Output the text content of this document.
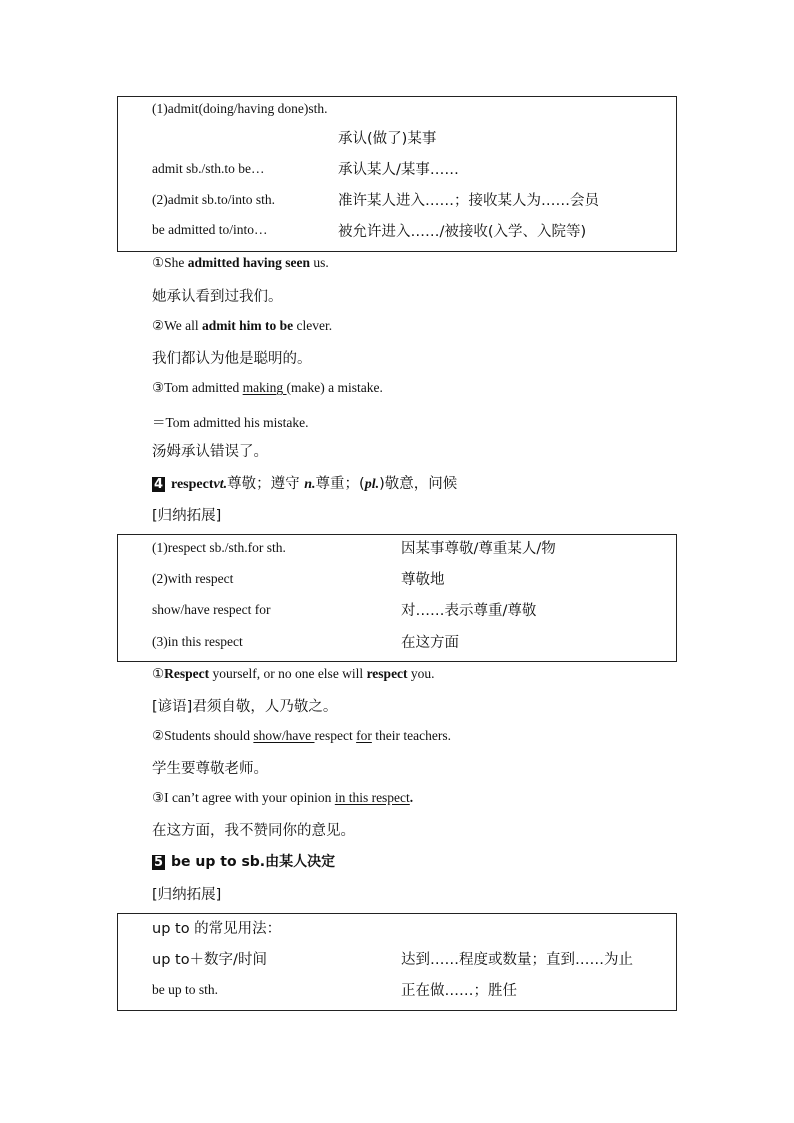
(1)admit(doing/having done)sth.
承认(做了)某事
admit sb./sth.to be…	承认某人/某事……
(2)admit sb.to/into sth.	准许某人进入……；接收某人为……会员
be admitted to/into…	被允许进入……/被接收(入学、入院等)
①She admitted having seen us.
她承认看到过我们。
②We all admit him to be clever.
我们都认为他是聪明的。
③Tom admitted making (make) a mistake.
＝Tom admitted his mistake.
汤姆承认错误了。
4 respectvt.尊敬；遵守 n.尊重；(pl.)敬意，问候
[归纳拓展]
(1)respect sb./sth.for sth.	因某事尊敬/尊重某人/物
(2)with respect	尊敬地
show/have respect for	对……表示尊重/尊敬
(3)in this respect	在这方面
①Respect yourself, or no one else will respect you.
[谚语]君须自敬，人乃敬之。
②Students should show/have respect for their teachers.
学生要尊敬老师。
③I can’t agree with your opinion in this respect.
在这方面，我不赞同你的意见。
5 be up to sb.由某人决定
[归纳拓展]
up to 的常见用法：
up to＋数字/时间	达到……程度或数量；直到……为止
be up to sth.	正在做……；胜任
